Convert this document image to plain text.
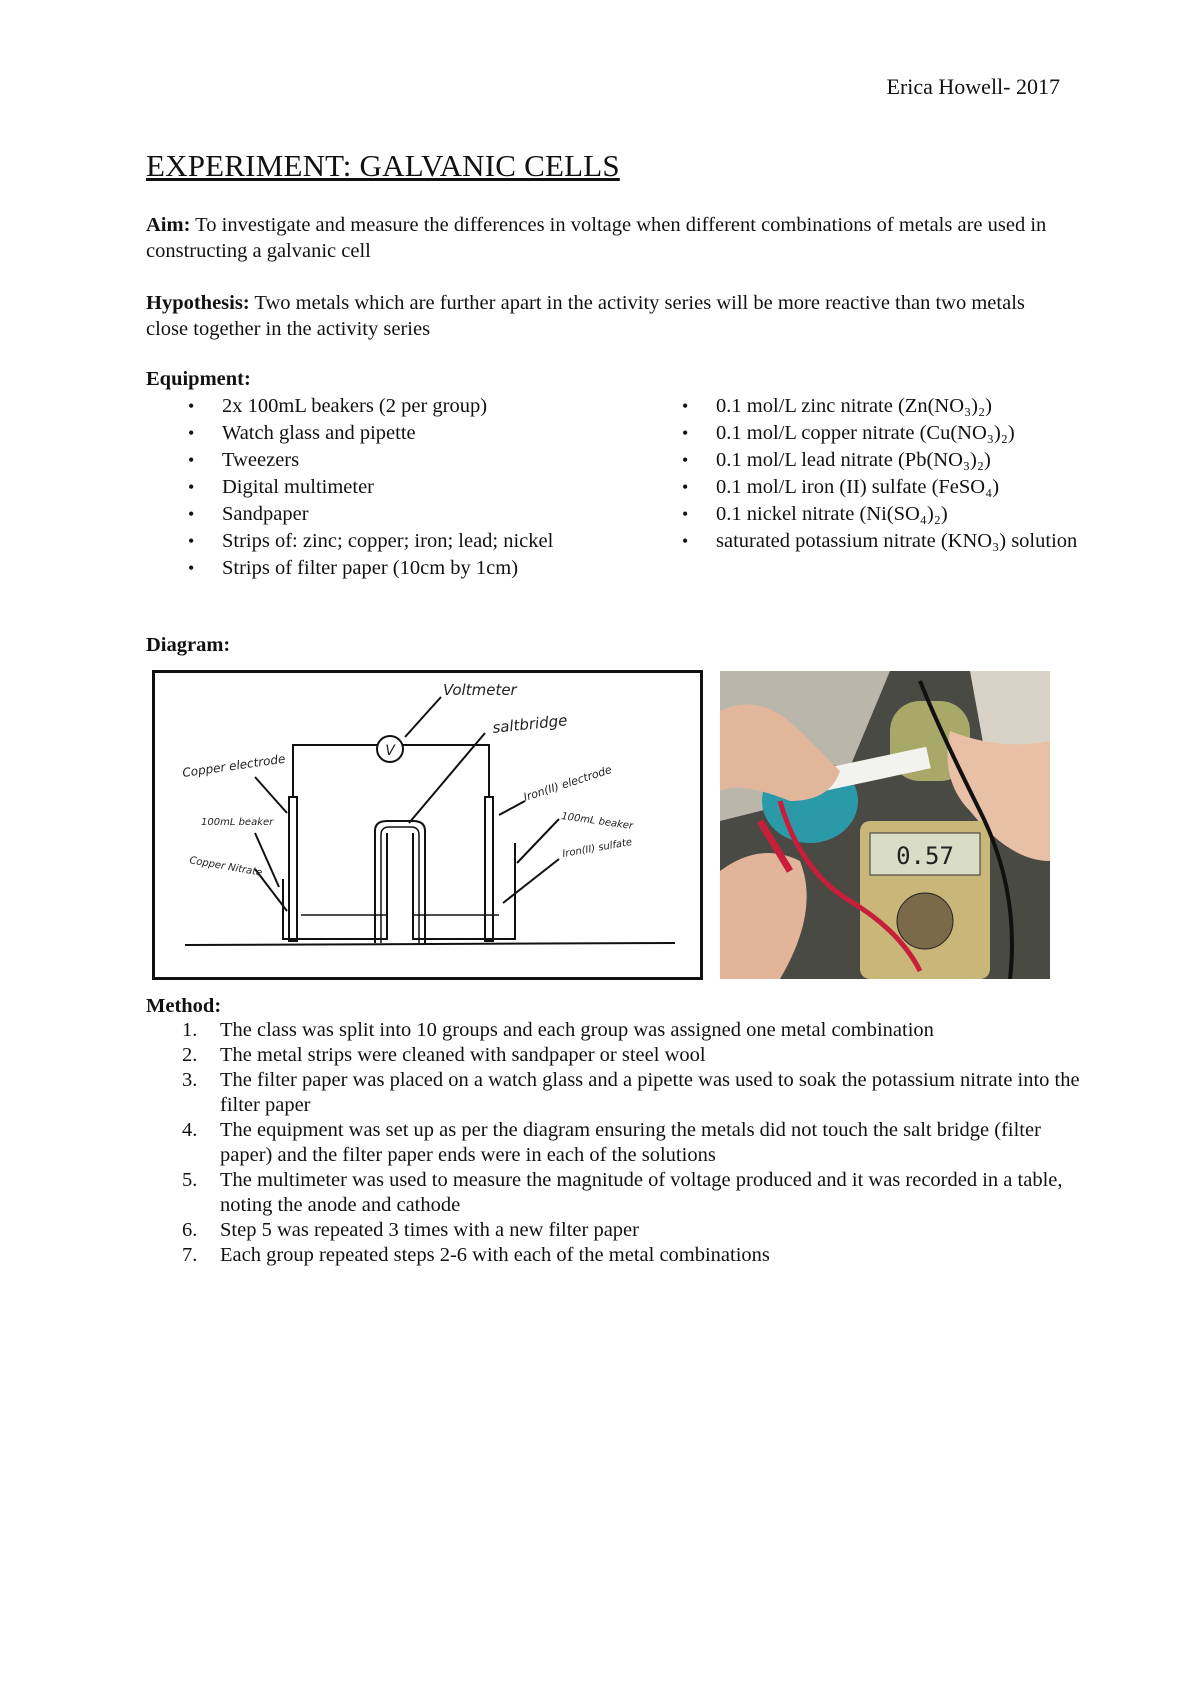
Erica Howell- 2017
EXPERIMENT: GALVANIC CELLS
Aim: To investigate and measure the differences in voltage when different combinations of metals are used in constructing a galvanic cell
Hypothesis: Two metals which are further apart in the activity series will be more reactive than two metals close together in the activity series
Equipment:
• 2x 100mL beakers (2 per group)
• Watch glass and pipette
• Tweezers
• Digital multimeter
• Sandpaper
• Strips of: zinc; copper; iron; lead; nickel
• Strips of filter paper (10cm by 1cm)
• 0.1 mol/L zinc nitrate (Zn(NO₃)₂)
• 0.1 mol/L copper nitrate (Cu(NO₃)₂)
• 0.1 mol/L lead nitrate (Pb(NO₃)₂)
• 0.1 mol/L iron (II) sulfate (FeSO₄)
• 0.1 nickel nitrate (Ni(SO₄)₂)
• saturated potassium nitrate (KNO₃) solution
Diagram:
V
Voltmeter
saltbridge
Copper electrode
100mL beaker
Copper Nitrate
Iron(II) electrode
100mL beaker
Iron(II) sulfate	0.57
Method:
1. The class was split into 10 groups and each group was assigned one metal combination
2. The metal strips were cleaned with sandpaper or steel wool
3. The filter paper was placed on a watch glass and a pipette was used to soak the potassium nitrate into the filter paper
4. The equipment was set up as per the diagram ensuring the metals did not touch the salt bridge (filter paper) and the filter paper ends were in each of the solutions
5. The multimeter was used to measure the magnitude of voltage produced and it was recorded in a table, noting the anode and cathode
6. Step 5 was repeated 3 times with a new filter paper
7. Each group repeated steps 2-6 with each of the metal combinations
